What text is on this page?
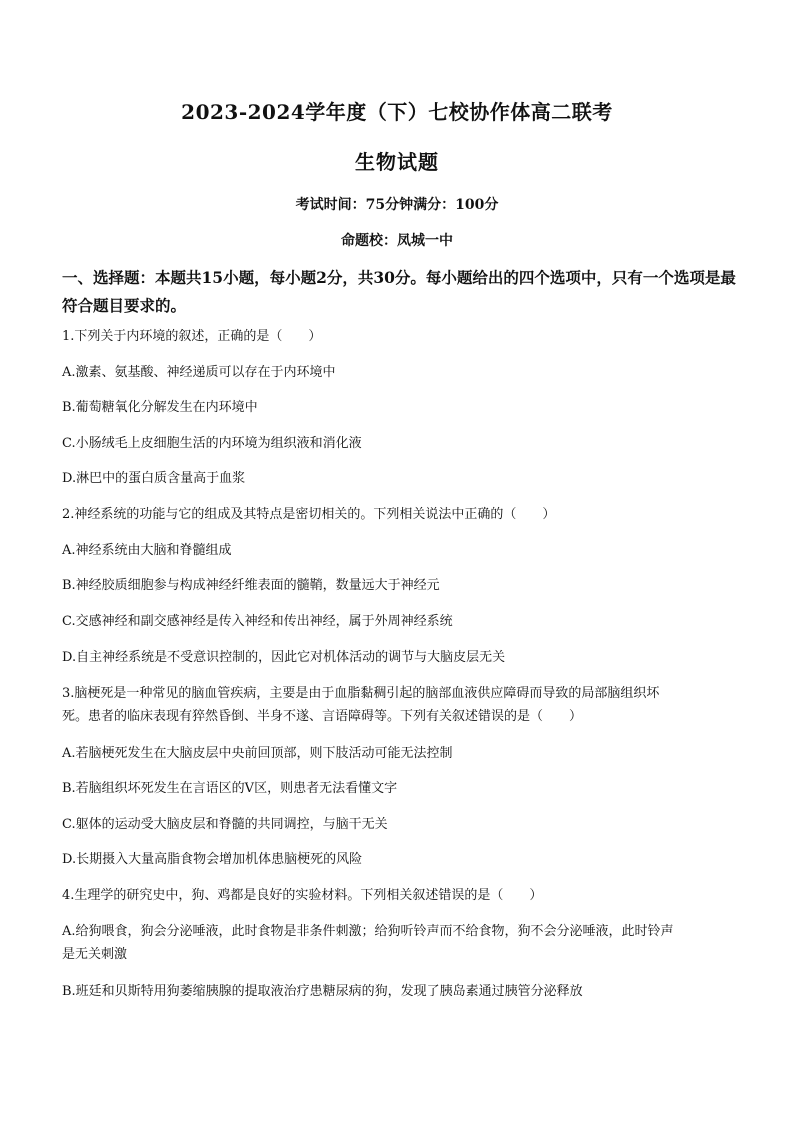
2023-2024学年度（下）七校协作体高二联考
生物试题
考试时间：75分钟满分：100分
命题校：凤城一中
一、选择题：本题共15小题，每小题2分，共30分。每小题给出的四个选项中，只有一个选项是最符合题目要求的。
1.下列关于内环境的叙述，正确的是（　　）
A.激素、氨基酸、神经递质可以存在于内环境中
B.葡萄糖氧化分解发生在内环境中
C.小肠绒毛上皮细胞生活的内环境为组织液和消化液
D.淋巴中的蛋白质含量高于血浆
2.神经系统的功能与它的组成及其特点是密切相关的。下列相关说法中正确的（　　）
A.神经系统由大脑和脊髓组成
B.神经胶质细胞参与构成神经纤维表面的髓鞘，数量远大于神经元
C.交感神经和副交感神经是传入神经和传出神经，属于外周神经系统
D.自主神经系统是不受意识控制的，因此它对机体活动的调节与大脑皮层无关
3.脑梗死是一种常见的脑血管疾病，主要是由于血脂黏稠引起的脑部血液供应障碍而导致的局部脑组织坏
死。患者的临床表现有猝然昏倒、半身不遂、言语障碍等。下列有关叙述错误的是（　　）
A.若脑梗死发生在大脑皮层中央前回顶部，则下肢活动可能无法控制
B.若脑组织坏死发生在言语区的V区，则患者无法看懂文字
C.躯体的运动受大脑皮层和脊髓的共同调控，与脑干无关
D.长期摄入大量高脂食物会增加机体患脑梗死的风险
4.生理学的研究史中，狗、鸡都是良好的实验材料。下列相关叙述错误的是（　　）
A.给狗喂食，狗会分泌唾液，此时食物是非条件刺激；给狗听铃声而不给食物，狗不会分泌唾液，此时铃声
是无关刺激
B.班廷和贝斯特用狗萎缩胰腺的提取液治疗患糖尿病的狗，发现了胰岛素通过胰管分泌释放
